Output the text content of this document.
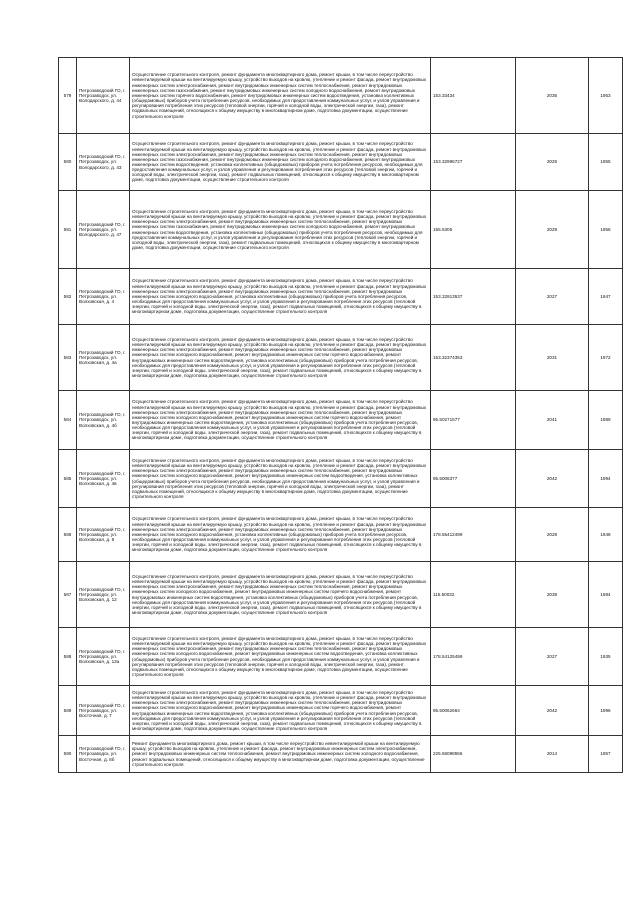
579	Петрозаводский ГО, г. Петрозаводск, ул. Володарского, д. 44	Осуществление строительного контроля, ремонт фундамента многоквартирного дома, ремонт крыши, в том числе переустройство невентилируемой крыши на вентилируемую крышу, устройство выходов на кровлю, утепление и ремонт фасада, ремонт внутридомовых инженерных систем электроснабжения, ремонт внутридомовых инженерных систем теплоснабжения, ремонт внутридомовых инженерных систем газоснабжения, ремонт внутридомовых инженерных систем холодного водоснабжения, ремонт внутридомовых инженерных систем горячего водоснабжения, ремонт внутридомовых инженерных систем водоотведения, установка коллективных (общедомовых) приборов учета потребления ресурсов, необходимых для предоставления коммунальных услуг, и узлов управления и регулирования потребления этих ресурсов (тепловой энергии, горячей и холодной воды, электрической энергии, газа), ремонт подвальных помещений, относящихся к общему имуществу в многоквартирном доме, подготовка документации, осуществление строительного контроля	153.33434	2036	1953
580	Петрозаводский ГО, г. Петрозаводск, ул. Володарского, д. 43	Осуществление строительного контроля, ремонт фундамента многоквартирного дома, ремонт крыши, в том числе переустройство невентилируемой крыши на вентилируемую крышу, устройство выходов на кровлю, утепление и ремонт фасада, ремонт внутридомовых инженерных систем электроснабжения, ремонт внутридомовых инженерных систем теплоснабжения, ремонт внутридомовых инженерных систем газоснабжения, ремонт внутридомовых инженерных систем холодного водоснабжения, ремонт внутридомовых инженерных систем водоотведения, установка коллективных (общедомовых) приборов учета потребления ресурсов, необходимых для предоставления коммунальных услуг, и узлов управления и регулирования потребления этих ресурсов (тепловой энергии, горячей и холодной воды, электрической энергии, газа), ремонт подвальных помещений, относящихся к общему имуществу в многоквартирном доме, подготовка документации, осуществление строительного контроля	153.32995727	2025	1955
581	Петрозаводский ГО, г. Петрозаводск, ул. Володарского, д. 47	Осуществление строительного контроля, ремонт фундамента многоквартирного дома, ремонт крыши, в том числе переустройство невентилируемой крыши на вентилируемую крышу, устройство выходов на кровлю, утепление и ремонт фасада, ремонт внутридомовых инженерных систем электроснабжения, ремонт внутридомовых инженерных систем теплоснабжения, ремонт внутридомовых инженерных систем газоснабжения, ремонт внутридомовых инженерных систем холодного водоснабжения, ремонт внутридомовых инженерных систем водоотведения, установка коллективных (общедомовых) приборов учета потребления ресурсов, необходимых для предоставления коммунальных услуг, и узлов управления и регулирования потребления этих ресурсов (тепловой энергии, горячей и холодной воды, электрической энергии, газа), ремонт подвальных помещений, относящихся к общему имуществу в многоквартирном доме, подготовка документации, осуществление строительного контроля	155.5305	2029	1956
582	Петрозаводский ГО, г. Петрозаводск, ул. Волховская, д. 4	Осуществление строительного контроля, ремонт фундамента многоквартирного дома, ремонт крыши, в том числе переустройство невентилируемой крыши на вентилируемую крышу, устройство выходов на кровлю, утепление и ремонт фасада, ремонт внутридомовых инженерных систем электроснабжения, ремонт внутридомовых инженерных систем теплоснабжения, ремонт внутридомовых инженерных систем холодного водоснабжения, установка коллективных (общедомовых) приборов учета потребления ресурсов, необходимых для предоставления коммунальных услуг, и узлов управления и регулирования потребления этих ресурсов (тепловой энергии, горячей и холодной воды, электрической энергии, газа), ремонт подвальных помещений, относящихся к общему имуществу в многоквартирном доме, подготовка документации, осуществление строительного контроля	153.32913537	2027	1947
583	Петрозаводский ГО, г. Петрозаводск, ул. Волховская, д. 4а	Осуществление строительного контроля, ремонт фундамента многоквартирного дома, ремонт крыши, в том числе переустройство невентилируемой крыши на вентилируемую крышу, устройство выходов на кровлю, утепление и ремонт фасада, ремонт внутридомовых инженерных систем электроснабжения, ремонт внутридомовых инженерных систем теплоснабжения, ремонт внутридомовых инженерных систем холодного водоснабжения, ремонт внутридомовых инженерных систем горячего водоснабжения, ремонт внутридомовых инженерных систем водоотведения, установка коллективных (общедомовых) приборов учета потребления ресурсов, необходимых для предоставления коммунальных услуг, и узлов управления и регулирования потребления этих ресурсов (тепловой энергии, горячей и холодной воды, электрической энергии, газа), ремонт подвальных помещений, относящихся к общему имуществу в многоквартирном доме, подготовка документации, осуществление строительного контроля	153.32374353	2031	1972
584	Петрозаводский ГО, г. Петрозаводск, ул. Волховская, д. 4б	Осуществление строительного контроля, ремонт фундамента многоквартирного дома, ремонт крыши, в том числе переустройство невентилируемой крыши на вентилируемую крышу, устройство выходов на кровлю, утепление и ремонт фасада, ремонт внутридомовых инженерных систем электроснабжения, ремонт внутридомовых инженерных систем теплоснабжения, ремонт внутридомовых инженерных систем холодного водоснабжения, ремонт внутридомовых инженерных систем горячего водоснабжения, ремонт внутридомовых инженерных систем водоотведения, установка коллективных (общедомовых) приборов учета потребления ресурсов, необходимых для предоставления коммунальных услуг, и узлов управления и регулирования потребления этих ресурсов (тепловой энергии, горячей и холодной воды, электрической энергии, газа), ремонт подвальных помещений, относящихся к общему имуществу в многоквартирном доме, подготовка документации, осуществление строительного контроля	95.50271577	2041	1989
585	Петрозаводский ГО, г. Петрозаводск, ул. Волховская, д. 4в	Осуществление строительного контроля, ремонт фундамента многоквартирного дома, ремонт крыши, в том числе переустройство невентилируемой крыши на вентилируемую крышу, устройство выходов на кровлю, утепление и ремонт фасада, ремонт внутридомовых инженерных систем электроснабжения, ремонт внутридомовых инженерных систем теплоснабжения, ремонт внутридомовых инженерных систем холодного водоснабжения, ремонт внутридомовых инженерных систем водоотведения, установка коллективных (общедомовых) приборов учета потребления ресурсов, необходимых для предоставления коммунальных услуг, и узлов управления и регулирования потребления этих ресурсов (тепловой энергии, горячей и холодной воды, электрической энергии, газа), ремонт подвальных помещений, относящихся к общему имуществу в многоквартирном доме, подготовка документации, осуществление строительного контроля	95.5006377	2042	1994
586	Петрозаводский ГО, г. Петрозаводск, ул. Волховская, д. 8	Осуществление строительного контроля, ремонт фундамента многоквартирного дома, ремонт крыши, в том числе переустройство невентилируемой крыши на вентилируемую крышу, устройство выходов на кровлю, утепление и ремонт фасада, ремонт внутридомовых инженерных систем электроснабжения, ремонт внутридомовых инженерных систем теплоснабжения, ремонт внутридомовых инженерных систем холодного водоснабжения, установка коллективных (общедомовых) приборов учета потребления ресурсов, необходимых для предоставления коммунальных услуг, и узлов управления и регулирования потребления этих ресурсов (тепловой энергии, горячей и холодной воды, электрической энергии, газа), ремонт подвальных помещений, относящихся к общему имуществу в многоквартирном доме, подготовка документации, осуществление строительного контроля	178.55412499	2028	1948
587	Петрозаводский ГО, г. Петрозаводск, ул. Волховская, д. 12	Осуществление строительного контроля, ремонт фундамента многоквартирного дома, ремонт крыши, в том числе переустройство невентилируемой крыши на вентилируемую крышу, устройство выходов на кровлю, утепление и ремонт фасада, ремонт внутридомовых инженерных систем электроснабжения, ремонт внутридомовых инженерных систем теплоснабжения, ремонт внутридомовых инженерных систем холодного водоснабжения, ремонт внутридомовых инженерных систем горячего водоснабжения, ремонт внутридомовых инженерных систем водоотведения, установка коллективных (общедомовых) приборов учета потребления ресурсов, необходимых для предоставления коммунальных услуг, и узлов управления и регулирования потребления этих ресурсов (тепловой энергии, горячей и холодной воды, электрической энергии, газа), ремонт подвальных помещений, относящихся к общему имуществу в многоквартирном доме, подготовка документации, осуществление строительного контроля	115.50032	2038	1984
588	Петрозаводский ГО, г. Петрозаводск, ул. Волховская, д. 13а	Осуществление строительного контроля, ремонт фундамента многоквартирного дома, ремонт крыши, в том числе переустройство невентилируемой крыши на вентилируемую крышу, устройство выходов на кровлю, утепление и ремонт фасада, ремонт внутридомовых инженерных систем электроснабжения, ремонт внутридомовых инженерных систем теплоснабжения, ремонт внутридомовых инженерных систем холодного водоснабжения, ремонт внутридомовых инженерных систем водоотведения, установка коллективных (общедомовых) приборов учета потребления ресурсов, необходимых для предоставления коммунальных услуг, и узлов управления и регулирования потребления этих ресурсов (тепловой энергии, горячей и холодной воды, электрической энергии, газа), ремонт подвальных помещений, относящихся к общему имуществу в многоквартирном доме, подготовка документации, осуществление строительного контроля	178.54125499	2027	1935
589	Петрозаводский ГО, г. Петрозаводск, ул. Восточная, д. 7	Осуществление строительного контроля, ремонт фундамента многоквартирного дома, ремонт крыши, в том числе переустройство невентилируемой крыши на вентилируемую крышу, устройство выходов на кровлю, утепление и ремонт фасада, ремонт внутридомовых инженерных систем электроснабжения, ремонт внутридомовых инженерных систем теплоснабжения, ремонт внутридомовых инженерных систем холодного водоснабжения, ремонт внутридомовых инженерных систем горячего водоснабжения, ремонт внутридомовых инженерных систем водоотведения, установка коллективных (общедомовых) приборов учета потребления ресурсов, необходимых для предоставления коммунальных услуг, и узлов управления и регулирования потребления этих ресурсов (тепловой энергии, горячей и холодной воды, электрической энергии, газа), ремонт подвальных помещений, относящихся к общему имуществу в многоквартирном доме, подготовка документации, осуществление строительного контроля	95.50062664	2042	1996
590	Петрозаводский ГО, г. Петрозаводск, ул. Восточная, д. 8б	Ремонт фундамента многоквартирного дома, ремонт крыши, в том числе переустройство невентилируемой крыши на вентилируемую крышу, устройство выходов на кровлю, утепление и ремонт фасада, ремонт внутридомовых инженерных систем электроснабжения, ремонт внутридомовых инженерных систем теплоснабжения, ремонт внутридомовых инженерных систем холодного водоснабжения, ремонт подвальных помещений, относящихся к общему имуществу в многоквартирном доме, подготовка документации, осуществление строительного контроля	225.56098556	2014	1957
